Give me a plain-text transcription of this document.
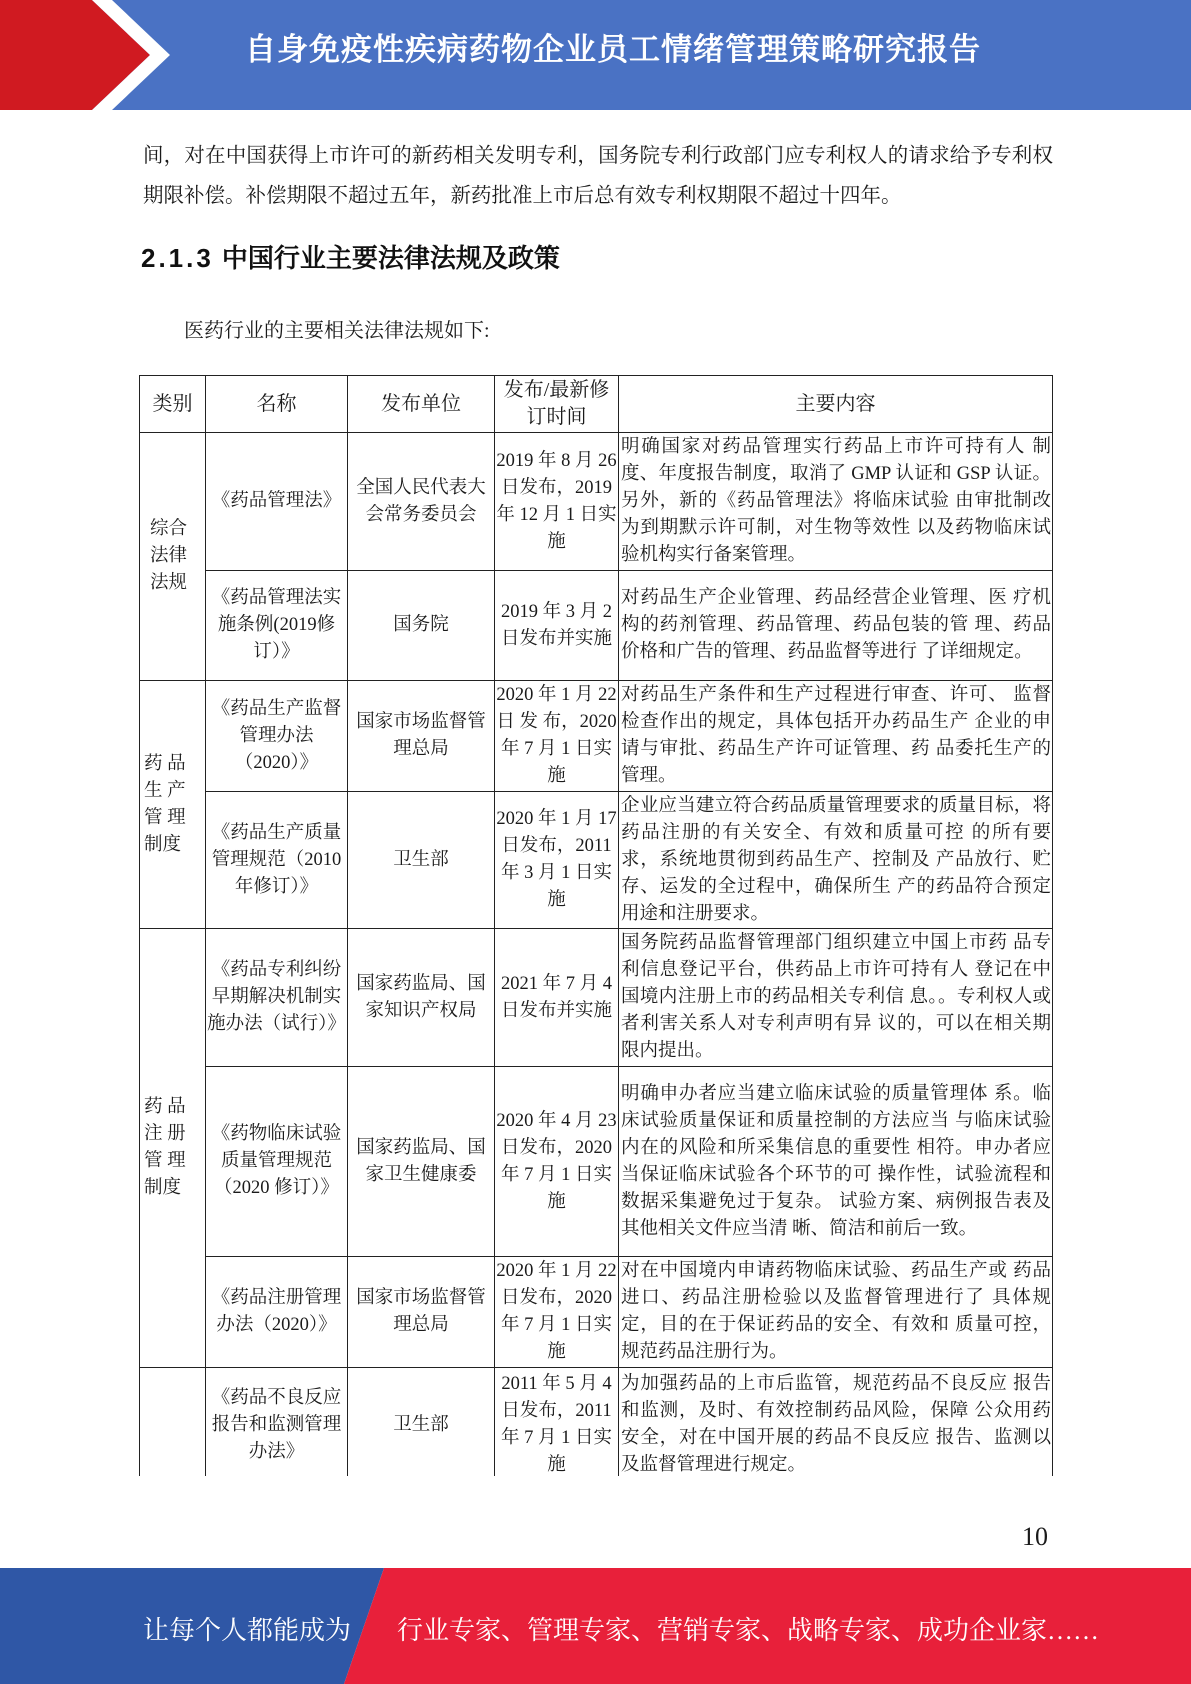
自身免疫性疾病药物企业员工情绪管理策略研究报告

间，对在中国获得上市许可的新药相关发明专利，国务院专利行政部门应专利权人的请求给予专利权期限补偿。补偿期限不超过五年，新药批准上市后总有效专利权期限不超过十四年。

2.1.3 中国行业主要法律法规及政策

医药行业的主要相关法律法规如下:

类别	名称	发布单位	发布/最新修订时间	主要内容
综合法律法规	《药品管理法》	全国人民代表大会常务委员会	2019 年 8 月 26 日发布，2019 年 12 月 1 日实施	明确国家对药品管理实行药品上市许可持有人 制度、年度报告制度，取消了 GMP 认证和 GSP 认证。另外，新的《药品管理法》将临床试验 由审批制改为到期默示许可制，对生物等效性 以及药物临床试验机构实行备案管理。
	《药品管理法实施条例(2019修订）》	国务院	2019 年 3 月 2 日发布并实施	对药品生产企业管理、药品经营企业管理、医 疗机构的药剂管理、药品管理、药品包装的管 理、药品价格和广告的管理、药品监督等进行 了详细规定。
药 品 生 产 管 理 制度	《药品生产监督管理办法（2020）》	国家市场监督管理总局	2020 年 1 月 22 日 发 布，2020 年 7 月 1 日实施	对药品生产条件和生产过程进行审查、许可、 监督检查作出的规定，具体包括开办药品生产 企业的申请与审批、药品生产许可证管理、药 品委托生产的管理。
	《药品生产质量管理规范（2010 年修订）》	卫生部	2020 年 1 月 17 日发布，2011 年 3 月 1 日实施	企业应当建立符合药品质量管理要求的质量目标，将药品注册的有关安全、有效和质量可控 的所有要求，系统地贯彻到药品生产、控制及 产品放行、贮存、运发的全过程中，确保所生 产的药品符合预定用途和注册要求。
药 品 注 册 管 理 制度	《药品专利纠纷早期解决机制实施办法（试行）》	国家药监局、国家知识产权局	2021 年 7 月 4 日发布并实施	国务院药品监督管理部门组织建立中国上市药 品专利信息登记平台，供药品上市许可持有人 登记在中国境内注册上市的药品相关专利信 息。。专利权人或者利害关系人对专利声明有异 议的，可以在相关期限内提出。
	《药物临床试验质量管理规范（2020 修订）》	国家药监局、国家卫生健康委	2020 年 4 月 23 日发布，2020 年 7 月 1 日实施	明确申办者应当建立临床试验的质量管理体 系。临床试验质量保证和质量控制的方法应当 与临床试验内在的风险和所采集信息的重要性 相符。申办者应当保证临床试验各个环节的可 操作性，试验流程和数据采集避免过于复杂。 试验方案、病例报告表及其他相关文件应当清 晰、简洁和前后一致。
	《药品注册管理办法（2020）》	国家市场监督管理总局	2020 年 1 月 22 日发布，2020 年 7 月 1 日实施	对在中国境内申请药物临床试验、药品生产或 药品进口、药品注册检验以及监督管理进行了 具体规定，目的在于保证药品的安全、有效和 质量可控，规范药品注册行为。
	《药品不良反应报告和监测管理办法》	卫生部	2011 年 5 月 4 日发布，2011 年 7 月 1 日实施	为加强药品的上市后监管，规范药品不良反应 报告和监测，及时、有效控制药品风险，保障 公众用药安全，对在中国开展的药品不良反应 报告、监测以及监督管理进行规定。
10
让每个人都能成为 行业专家、管理专家、营销专家、战略专家、成功企业家……
